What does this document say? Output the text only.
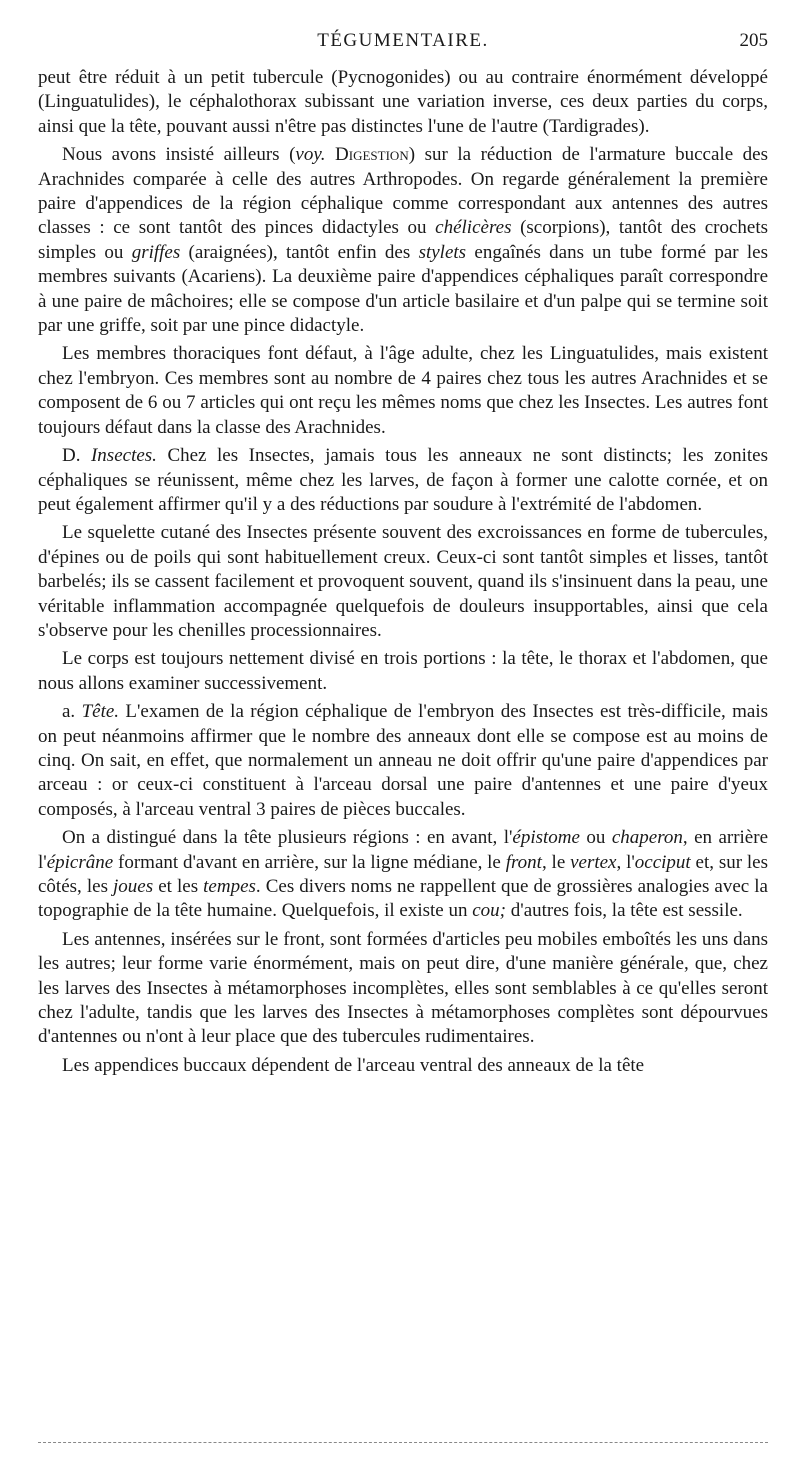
TÉGUMENTAIRE.	205

peut être réduit à un petit tubercule (Pycnogonides) ou au contraire énormément développé (Linguatulides), le céphalothorax subissant une variation inverse, ces deux parties du corps, ainsi que la tête, pouvant aussi n'être pas distinctes l'une de l'autre (Tardigrades).

Nous avons insisté ailleurs (voy. Digestion) sur la réduction de l'armature buccale des Arachnides comparée à celle des autres Arthropodes. On regarde généralement la première paire d'appendices de la région céphalique comme correspondant aux antennes des autres classes : ce sont tantôt des pinces didactyles ou chélicères (scorpions), tantôt des crochets simples ou griffes (araignées), tantôt enfin des stylets engaînés dans un tube formé par les membres suivants (Acariens). La deuxième paire d'appendices céphaliques paraît correspondre à une paire de mâchoires; elle se compose d'un article basilaire et d'un palpe qui se termine soit par une griffe, soit par une pince didactyle.

Les membres thoraciques font défaut, à l'âge adulte, chez les Linguatulides, mais existent chez l'embryon. Ces membres sont au nombre de 4 paires chez tous les autres Arachnides et se composent de 6 ou 7 articles qui ont reçu les mêmes noms que chez les Insectes. Les autres font toujours défaut dans la classe des Arachnides.

D. Insectes. Chez les Insectes, jamais tous les anneaux ne sont distincts; les zonites céphaliques se réunissent, même chez les larves, de façon à former une calotte cornée, et on peut également affirmer qu'il y a des réductions par soudure à l'extrémité de l'abdomen.

Le squelette cutané des Insectes présente souvent des excroissances en forme de tubercules, d'épines ou de poils qui sont habituellement creux. Ceux-ci sont tantôt simples et lisses, tantôt barbelés; ils se cassent facilement et provoquent souvent, quand ils s'insinuent dans la peau, une véritable inflammation accompagnée quelquefois de douleurs insupportables, ainsi que cela s'observe pour les chenilles processionnaires.

Le corps est toujours nettement divisé en trois portions : la tête, le thorax et l'abdomen, que nous allons examiner successivement.

a. Tête. L'examen de la région céphalique de l'embryon des Insectes est très-difficile, mais on peut néanmoins affirmer que le nombre des anneaux dont elle se compose est au moins de cinq. On sait, en effet, que normalement un anneau ne doit offrir qu'une paire d'appendices par arceau : or ceux-ci constituent à l'arceau dorsal une paire d'antennes et une paire d'yeux composés, à l'arceau ventral 3 paires de pièces buccales.

On a distingué dans la tête plusieurs régions : en avant, l'épistome ou chaperon, en arrière l'épicrâne formant d'avant en arrière, sur la ligne médiane, le front, le vertex, l'occiput et, sur les côtés, les joues et les tempes. Ces divers noms ne rappellent que de grossières analogies avec la topographie de la tête humaine. Quelquefois, il existe un cou; d'autres fois, la tête est sessile.

Les antennes, insérées sur le front, sont formées d'articles peu mobiles emboîtés les uns dans les autres; leur forme varie énormément, mais on peut dire, d'une manière générale, que, chez les larves des Insectes à métamorphoses incomplètes, elles sont semblables à ce qu'elles seront chez l'adulte, tandis que les larves des Insectes à métamorphoses complètes sont dépourvues d'antennes ou n'ont à leur place que des tubercules rudimentaires.

Les appendices buccaux dépendent de l'arceau ventral des anneaux de la tête
